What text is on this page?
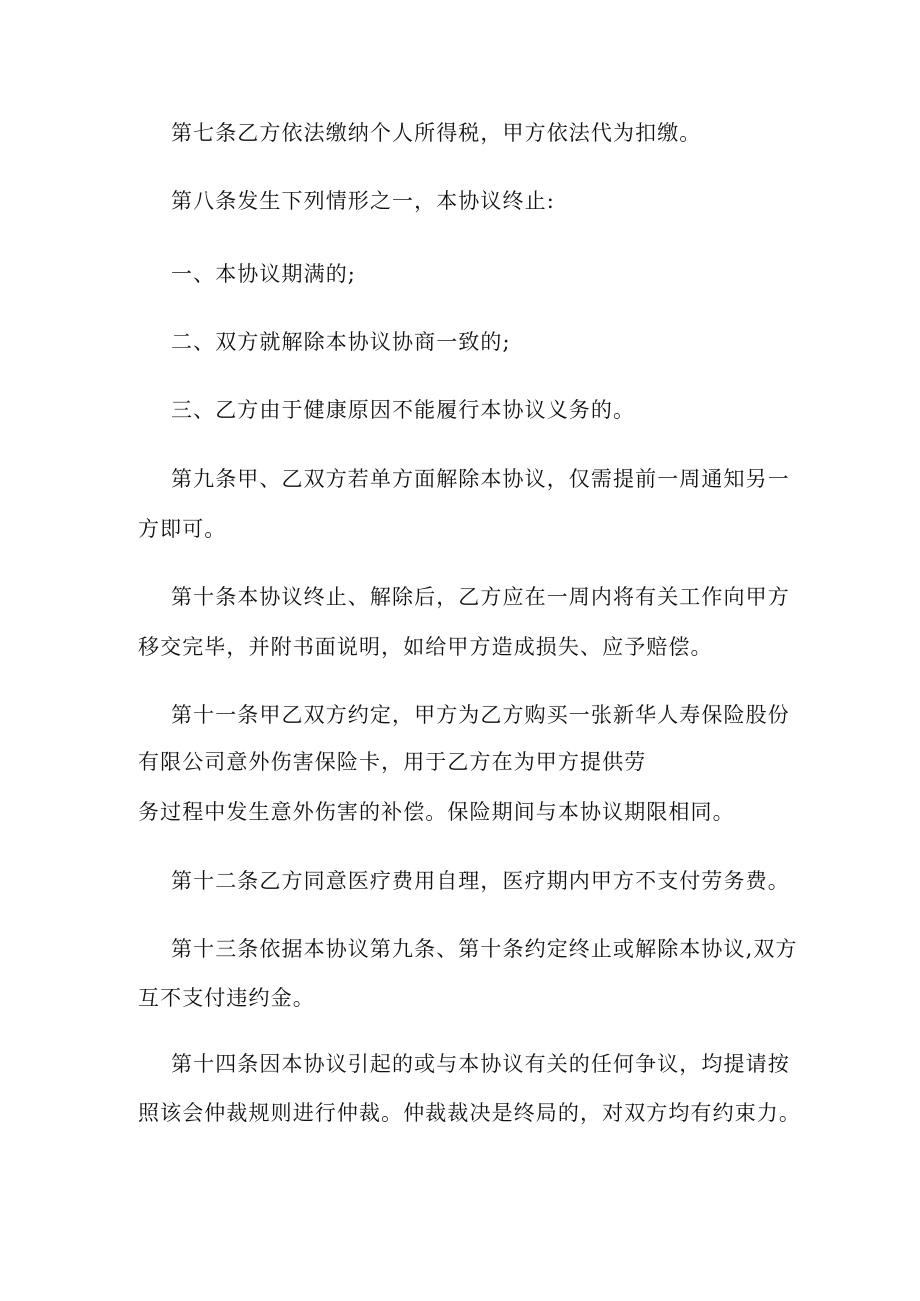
第七条乙方依法缴纳个人所得税，甲方依法代为扣缴。
第八条发生下列情形之一，本协议终止:
一、本协议期满的;
二、双方就解除本协议协商一致的;
三、乙方由于健康原因不能履行本协议义务的。
第九条甲、乙双方若单方面解除本协议，仅需提前一周通知另一
方即可。
第十条本协议终止、解除后，乙方应在一周内将有关工作向甲方
移交完毕，并附书面说明，如给甲方造成损失、应予赔偿。
第十一条甲乙双方约定，甲方为乙方购买一张新华人寿保险股份
有限公司意外伤害保险卡，用于乙方在为甲方提供劳
务过程中发生意外伤害的补偿。保险期间与本协议期限相同。
第十二条乙方同意医疗费用自理，医疗期内甲方不支付劳务费。
第十三条依据本协议第九条、第十条约定终止或解除本协议,双方
互不支付违约金。
第十四条因本协议引起的或与本协议有关的任何争议，均提请按
照该会仲裁规则进行仲裁。仲裁裁决是终局的，对双方均有约束力。
